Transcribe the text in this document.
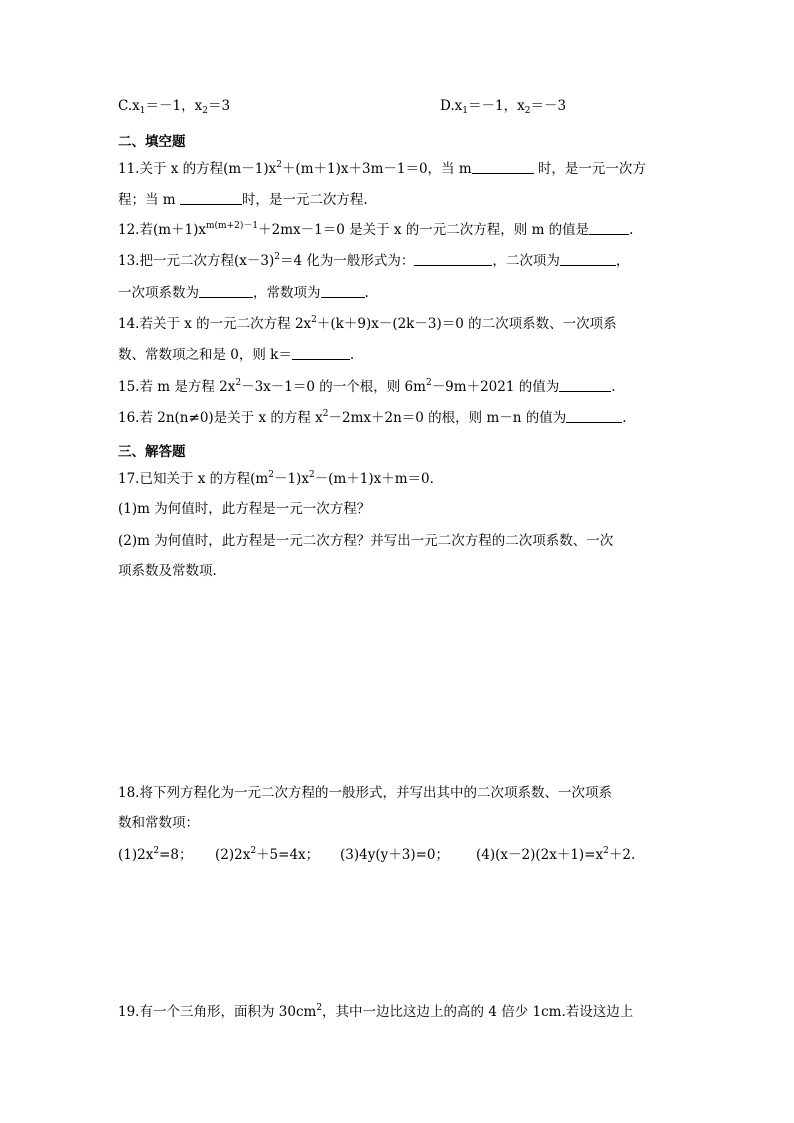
$C.x_1=-1$，$x_2=3$	$D.x_1=-1$，$x_2=-3$
二、填空题
11.关于 x 的方程$(m-1)x^2+(m+1)x+3m-1=0$，当 m	时，是一元一次方
程；当 m	时，是一元二次方程.
12.若$(m+1)x^{m(m+2)-1}+2mx-1=0$ 是关于 x 的一元二次方程，则 m 的值是	.
13.把一元二次方程$(x-3)^2=4$ 化为一般形式为：	，二次项为	，
一次项系数为	，常数项为	.
14.若关于 x 的一元二次方程 $2x^2+(k+9)x-(2k-3)=0$ 的二次项系数、一次项系
数、常数项之和是 0，则 k＝	.
15.若 m 是方程 $2x^2-3x-1=0$ 的一个根，则 $6m^2-9m+2021$ 的值为	.
16.若 2n(n≠0)是关于 x 的方程 $x^2-2mx+2n=0$ 的根，则 m－n 的值为	.
三、解答题
17.已知关于 x 的方程$(m^2-1)x^2-(m+1)x+m=0$.
(1)m 为何值时，此方程是一元一次方程？
(2)m 为何值时，此方程是一元二次方程？并写出一元二次方程的二次项系数、一次
项系数及常数项.
18.将下列方程化为一元二次方程的一般形式，并写出其中的二次项系数、一次项系
数和常数项：
$(1)2x^2=8$； $(2)2x^2+5=4x$； (3)4y(y＋3)=0； $(4)(x-2)(2x+1)=x^2+2$.
19.有一个三角形，面积为 $30cm^2$，其中一边比这边上的高的 4 倍少 1cm.若设这边上
